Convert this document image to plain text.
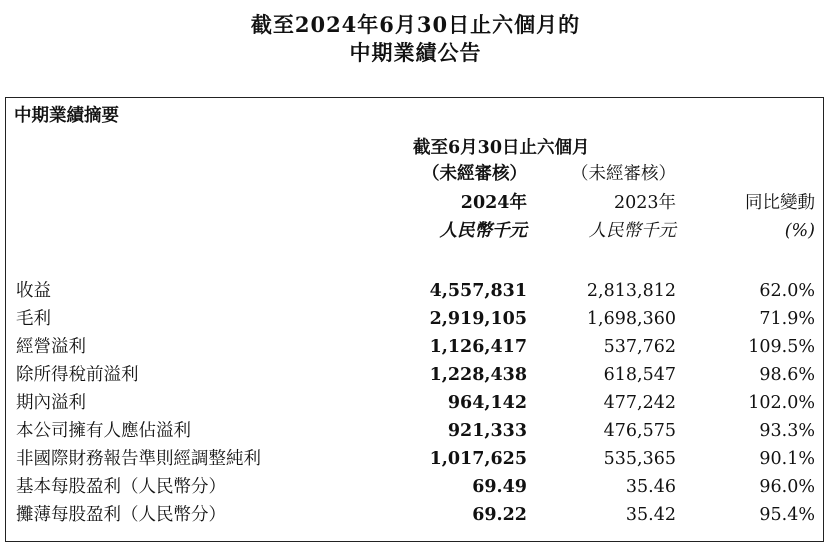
截至2024年6月30日止六個月的
中期業績公告
中期業績摘要
截至6月30日止六個月
（未經審核）	（未經審核）
2024年	2023年	同比變動
人民幣千元	人民幣千元	(%)
收益	4,557,831	2,813,812	62.0%
毛利	2,919,105	1,698,360	71.9%
經營溢利	1,126,417	537,762	109.5%
除所得稅前溢利	1,228,438	618,547	98.6%
期內溢利	964,142	477,242	102.0%
本公司擁有人應佔溢利	921,333	476,575	93.3%
非國際財務報告準則經調整純利	1,017,625	535,365	90.1%
基本每股盈利（人民幣分）	69.49	35.46	96.0%
攤薄每股盈利（人民幣分）	69.22	35.42	95.4%
